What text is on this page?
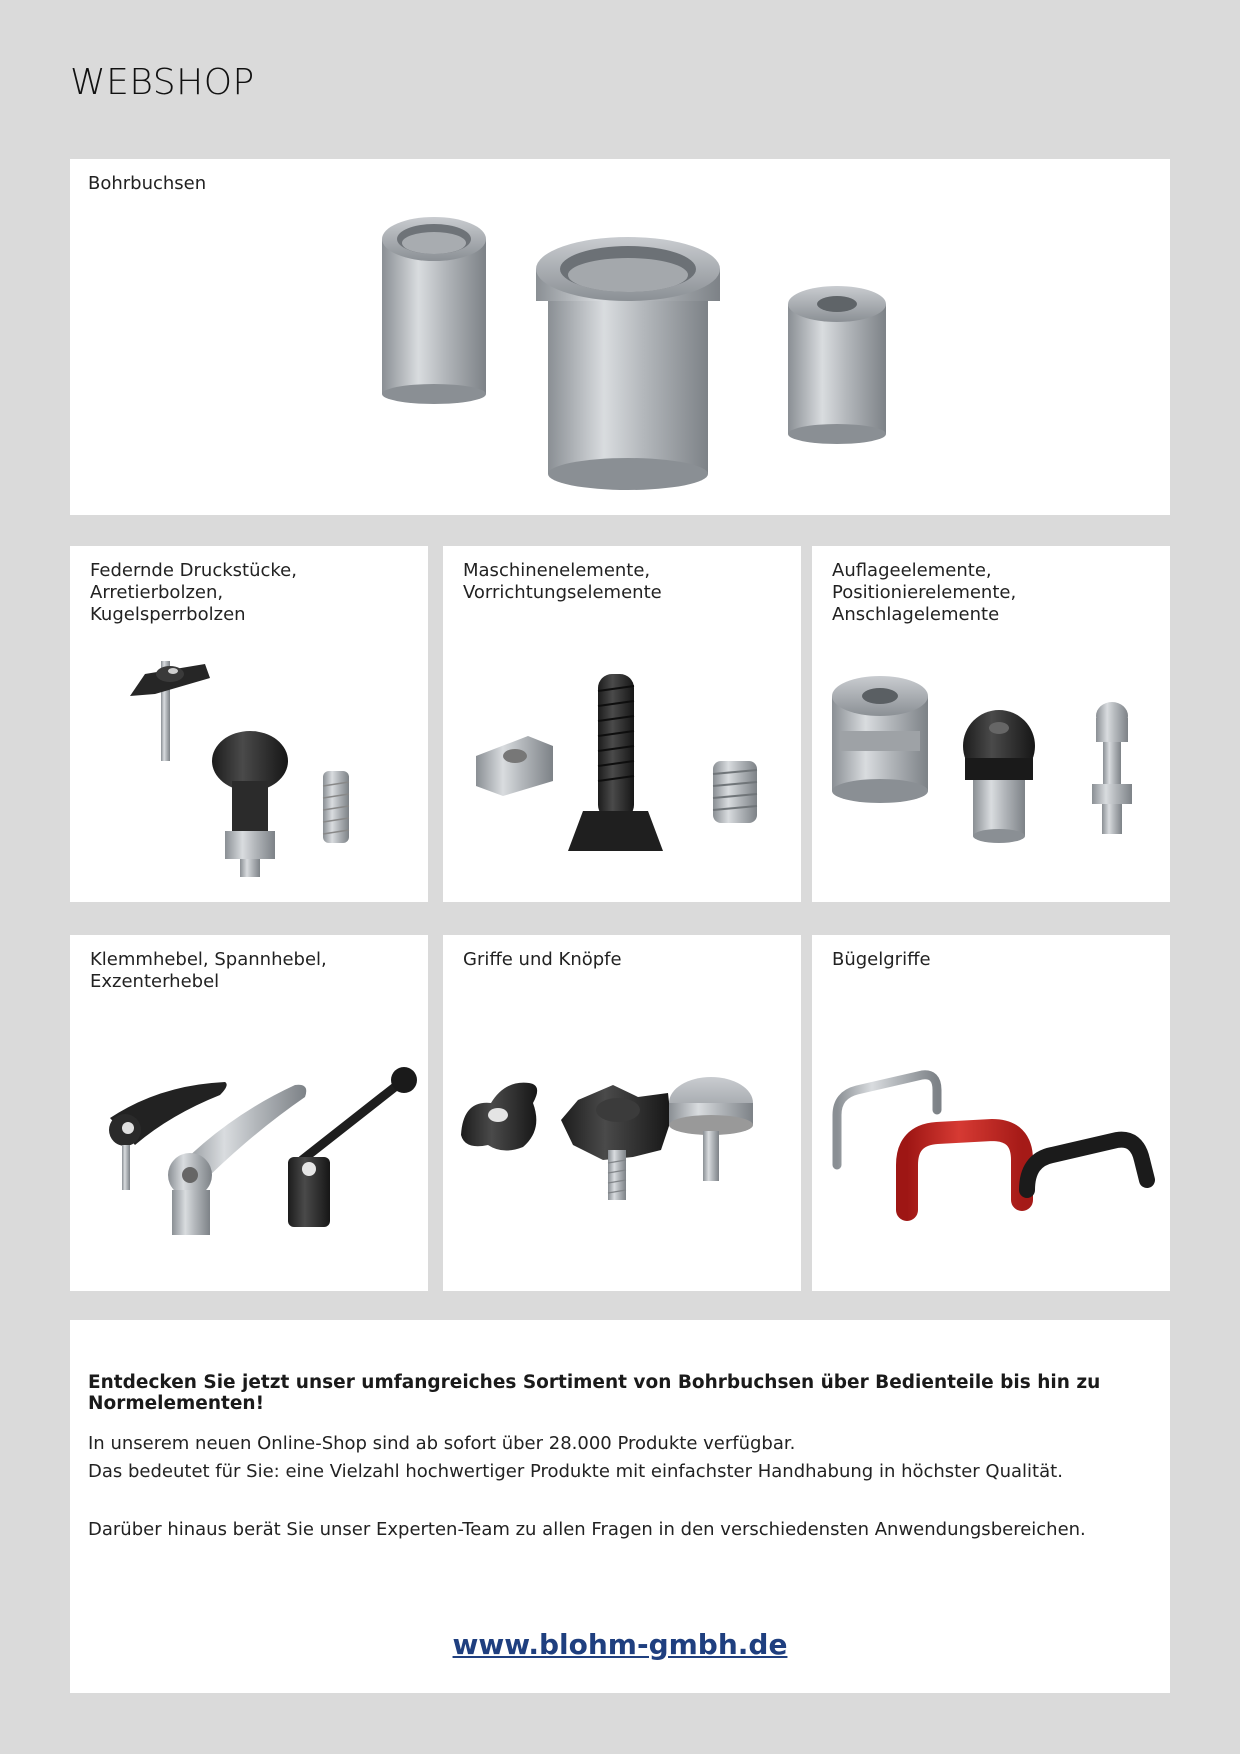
WEBSHOP
Bohrbuchsen
Federnde Druckstücke, Arretierbolzen,
Kugelsperrbolzen
Maschinenelemente,
Vorrichtungselemente
Auflageelemente, Positionierelemente,
Anschlagelemente
Klemmhebel, Spannhebel,
Exzenterhebel
Griffe und Knöpfe	Bügelgriffe

Entdecken Sie jetzt unser umfangreiches Sortiment von Bohrbuchsen über Bedienteile bis hin zu Normelementen!

In unserem neuen Online-Shop sind ab sofort über 28.000 Produkte verfügbar.

Das bedeutet für Sie: eine Vielzahl hochwertiger Produkte mit einfachster Handhabung in höchster Qualität.

Darüber hinaus berät Sie unser Experten-Team zu allen Fragen in den verschiedensten Anwendungsbereichen.

www.blohm-gmbh.de
